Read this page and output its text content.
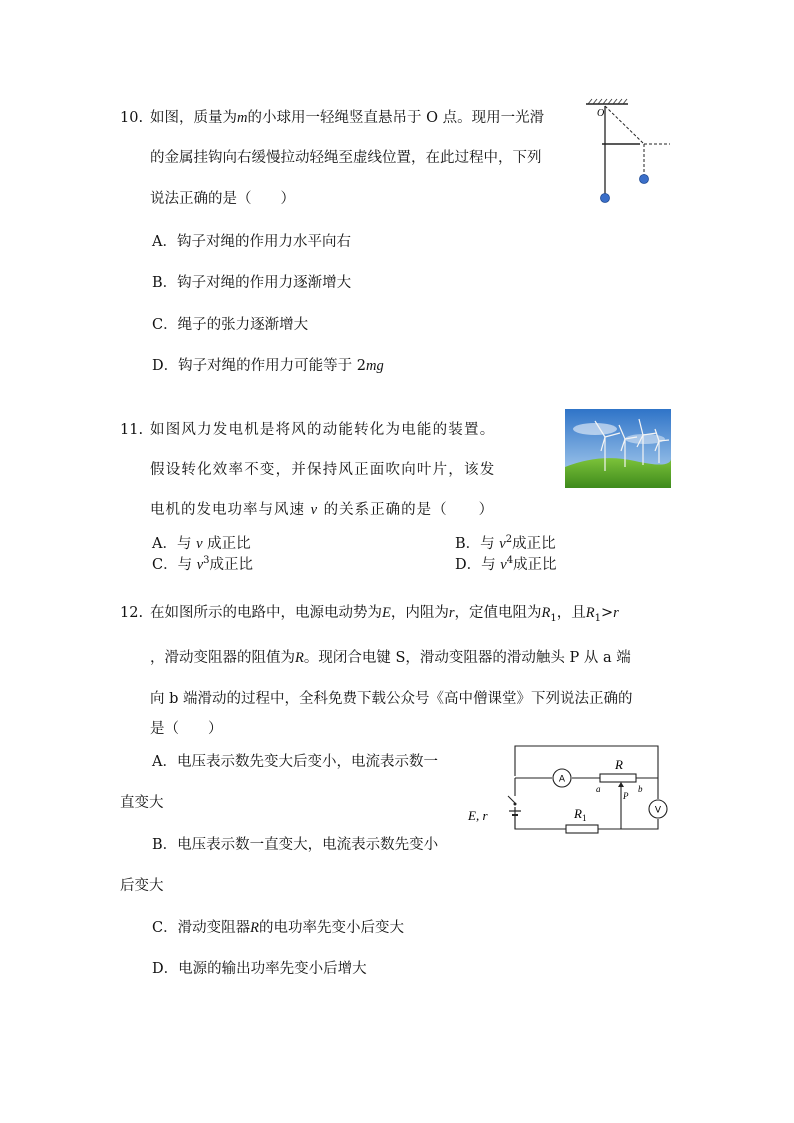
10. 如图，质量为m的小球用一轻绳竖直悬吊于 O 点。现用一光滑
的金属挂钩向右缓慢拉动轻绳至虚线位置，在此过程中，下列
说法正确的是（　　）
A．钩子对绳的作用力水平向右
B．钩子对绳的作用力逐渐增大
C．绳子的张力逐渐增大
D．钩子对绳的作用力可能等于 2mg
O
11. 如图风力发电机是将风的动能转化为电能的装置。
假设转化效率不变，并保持风正面吹向叶片，该发
电机的发电功率与风速 v 的关系正确的是（　　）
A．与 v 成正比	B．与 $v^2$成正比
C．与 $v^3$成正比	D．与 $v^4$成正比
12. 在如图所示的电路中，电源电动势为E，内阻为r，定值电阻为$R_1$，且$R_1>r$
，滑动变阻器的阻值为R。现闭合电键 S，滑动变阻器的滑动触头 P 从 a 端
向 b 端滑动的过程中，全科免费下载公众号《高中僧课堂》下列说法正确的
是（　　）
A．电压表示数先变大后变小，电流表示数一
直变大
B．电压表示数一直变大，电流表示数先变小
后变大
C．滑动变阻器R的电功率先变小后变大
D．电源的输出功率先变小后增大
A
R
a	b
P
V
$R_1$
E, r
